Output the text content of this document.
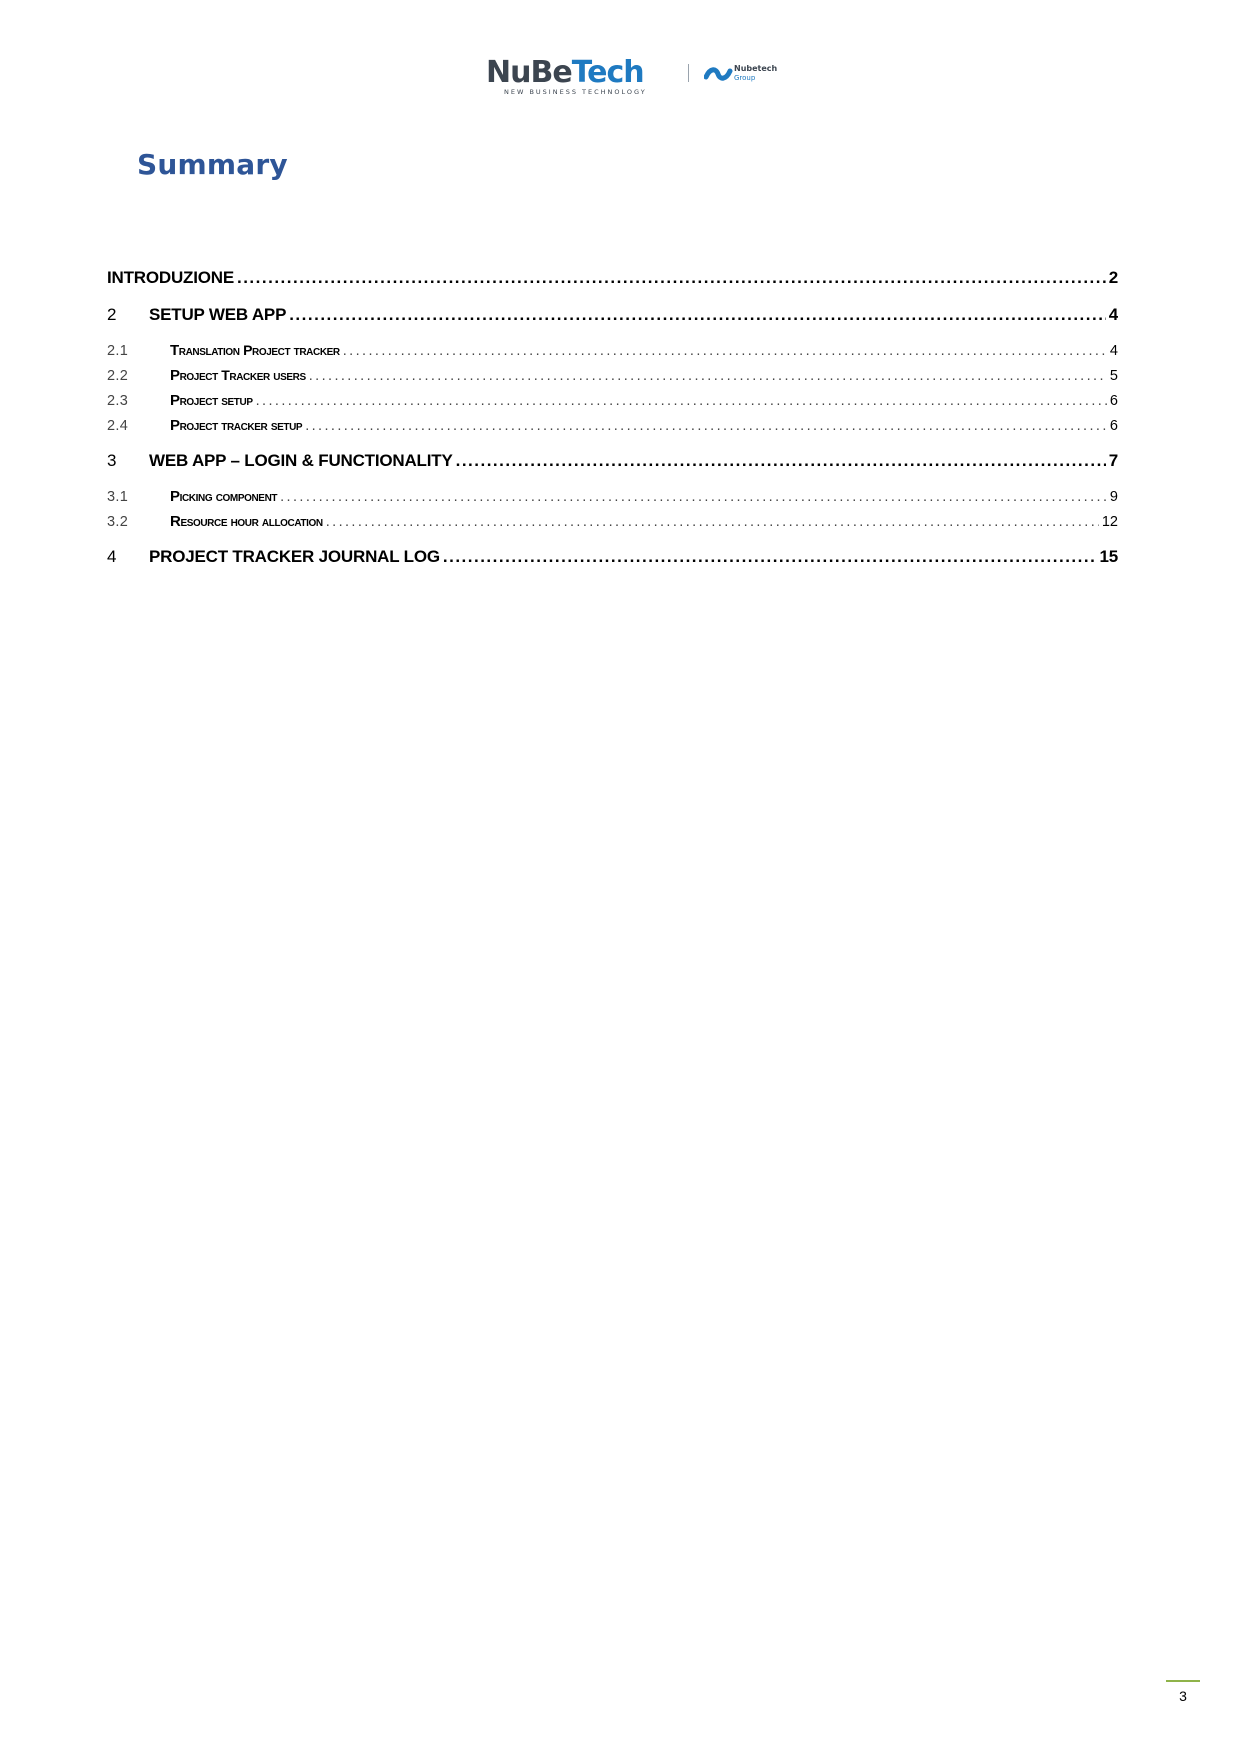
NuBeTech
NEW BUSINESS TECHNOLOGY
Nubetech
Group
Summary
INTRODUZIONE .....	2
2	SETUP WEB APP .....	4
2.1	Translation Project tracker .....	4
2.2	Project Tracker users .....	5
2.3	Project setup .....	6
2.4	Project tracker setup .....	6
3	WEB APP – LOGIN & FUNCTIONALITY .....	7
3.1	Picking component .....	9
3.2	Resource hour allocation .....	12
4	PROJECT TRACKER JOURNAL LOG .....	15
3
